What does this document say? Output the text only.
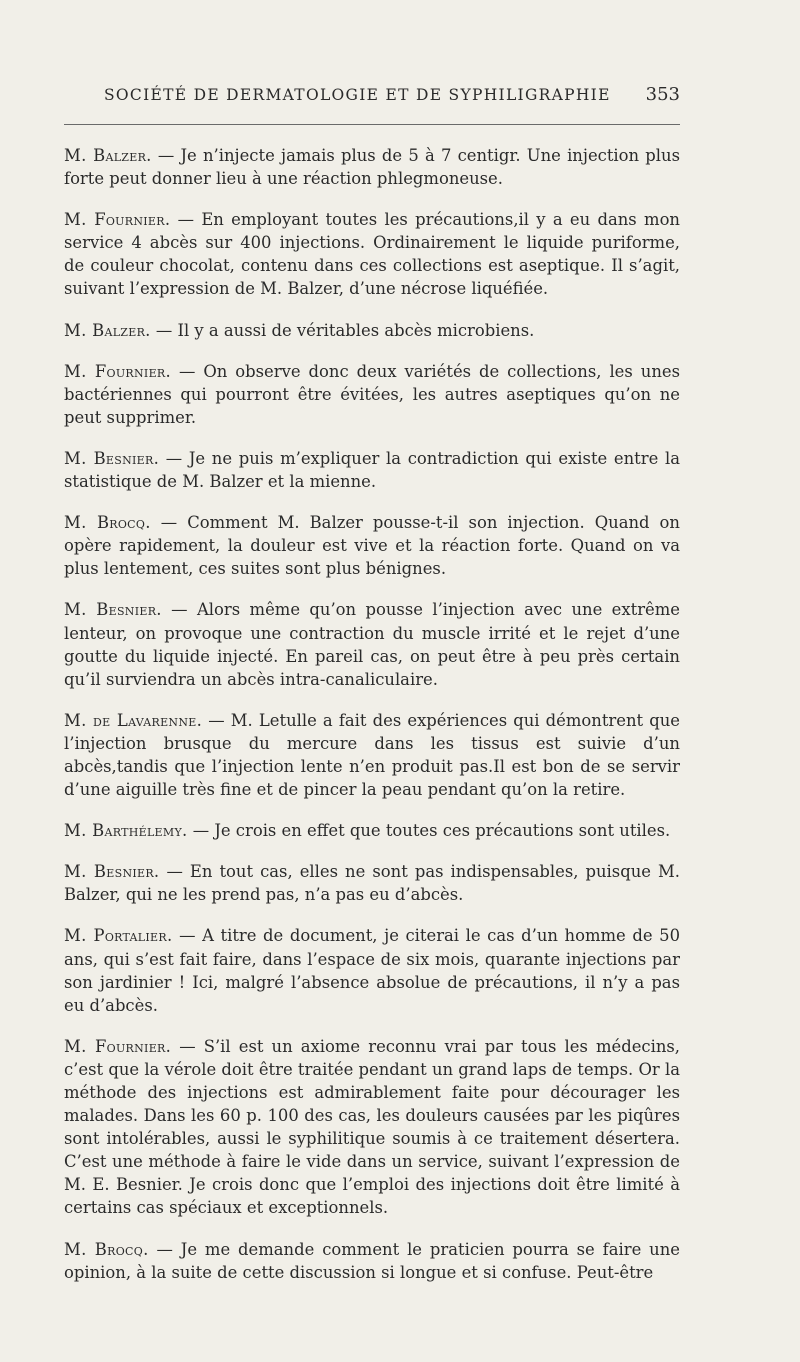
SOCIÉTÉ DE DERMATOLOGIE ET DE SYPHILIGRAPHIE 353

M. Balzer. — Je n’injecte jamais plus de 5 à 7 centigr. Une injection plus forte peut donner lieu à une réaction phlegmoneuse.

M. Fournier. — En employant toutes les précautions,il y a eu dans mon service 4 abcès sur 400 injections. Ordinairement le liquide puriforme, de couleur chocolat, contenu dans ces collections est aseptique. Il s’agit, suivant l’expression de M. Balzer, d’une nécrose liquéfiée.

M. Balzer. — Il y a aussi de véritables abcès microbiens.

M. Fournier. — On observe donc deux variétés de collections, les unes bactériennes qui pourront être évitées, les autres aseptiques qu’on ne peut supprimer.

M. Besnier. — Je ne puis m’expliquer la contradiction qui existe entre la statistique de M. Balzer et la mienne.

M. Brocq. — Comment M. Balzer pousse-t-il son injection. Quand on opère rapidement, la douleur est vive et la réaction forte. Quand on va plus lentement, ces suites sont plus bénignes.

M. Besnier. — Alors même qu’on pousse l’injection avec une extrême lenteur, on provoque une contraction du muscle irrité et le rejet d’une goutte du liquide injecté. En pareil cas, on peut être à peu près certain qu’il surviendra un abcès intra-canaliculaire.

M. de Lavarenne. — M. Letulle a fait des expériences qui démontrent que l’injection brusque du mercure dans les tissus est suivie d’un abcès,tandis que l’injection lente n’en produit pas.Il est bon de se servir d’une aiguille très fine et de pincer la peau pendant qu’on la retire.

M. Barthélemy. — Je crois en effet que toutes ces précautions sont utiles.

M. Besnier. — En tout cas, elles ne sont pas indispensables, puisque M. Balzer, qui ne les prend pas, n’a pas eu d’abcès.

M. Portalier. — A titre de document, je citerai le cas d’un homme de 50 ans, qui s’est fait faire, dans l’espace de six mois, quarante injections par son jardinier ! Ici, malgré l’absence absolue de précautions, il n’y a pas eu d’abcès.

M. Fournier. — S’il est un axiome reconnu vrai par tous les médecins, c’est que la vérole doit être traitée pendant un grand laps de temps. Or la méthode des injections est admirablement faite pour décourager les malades. Dans les 60 p. 100 des cas, les douleurs causées par les piqûres sont intolérables, aussi le syphilitique soumis à ce traitement désertera. C’est une méthode à faire le vide dans un service, suivant l’expression de M. E. Besnier. Je crois donc que l’emploi des injections doit être limité à certains cas spéciaux et exceptionnels.

M. Brocq. — Je me demande comment le praticien pourra se faire une opinion, à la suite de cette discussion si longue et si confuse. Peut-être
